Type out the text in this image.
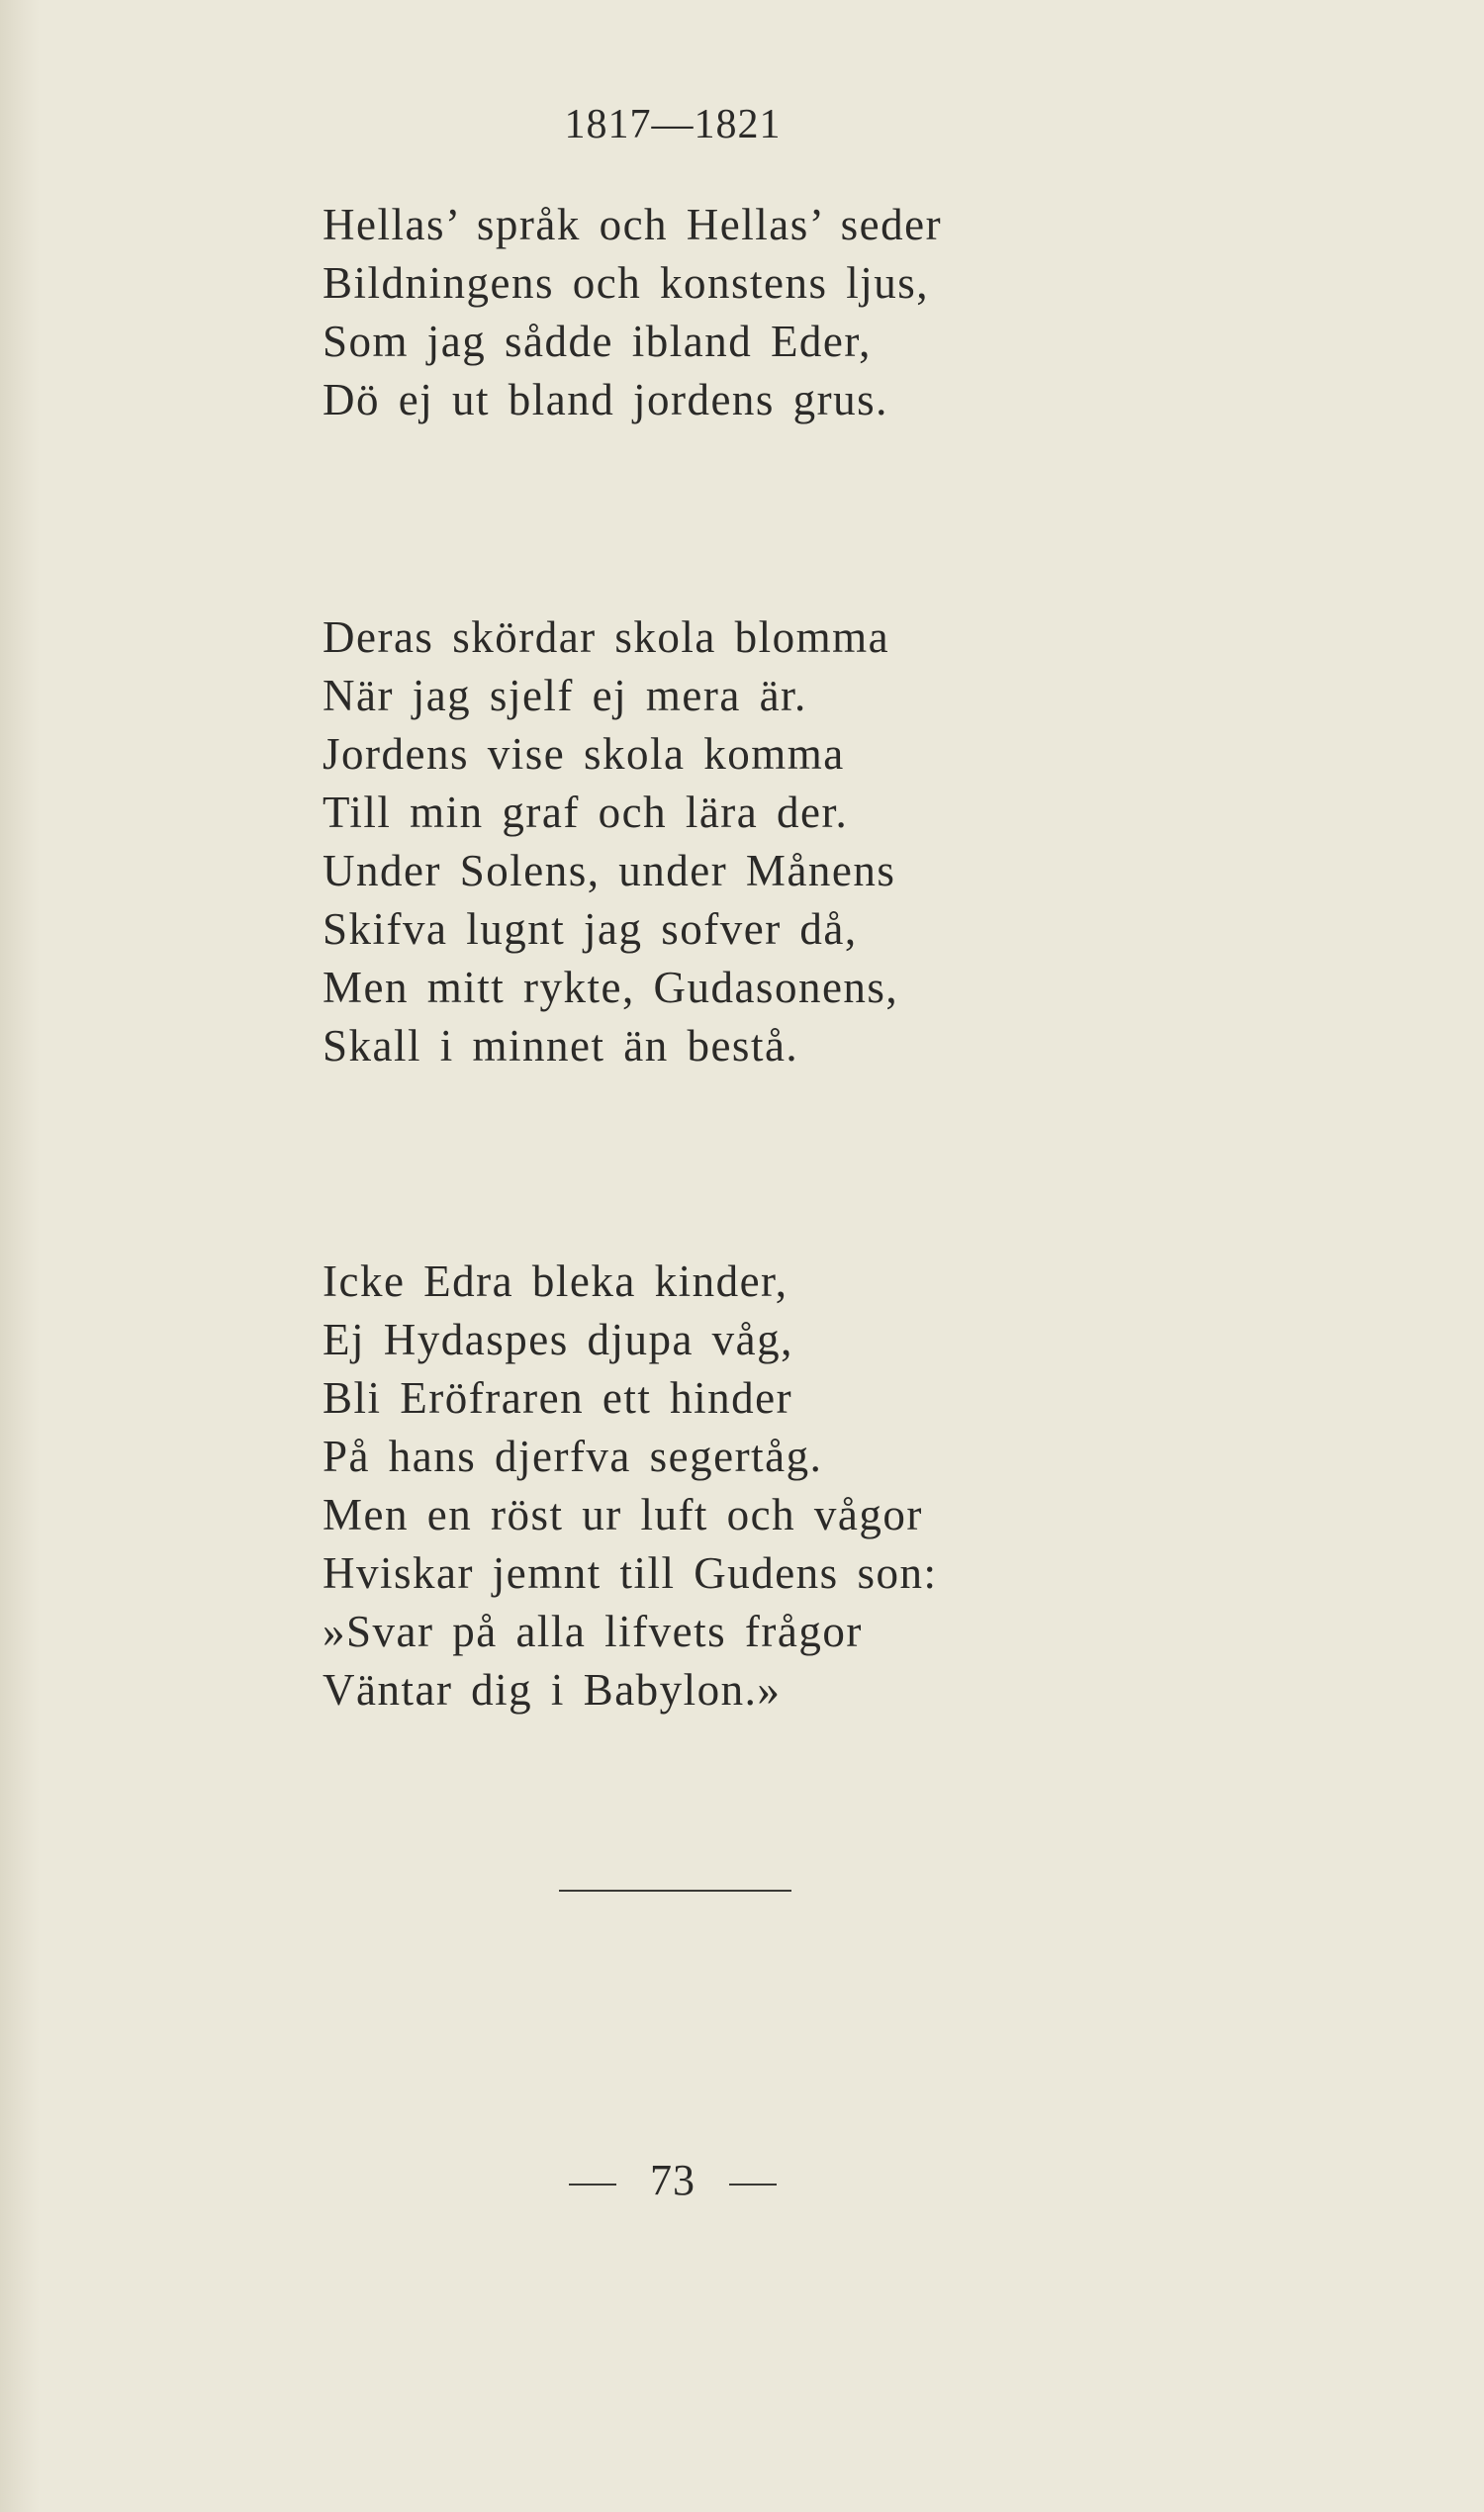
1817—1821
Hellas’ språk och Hellas’ seder
Bildningens och konstens ljus,
Som jag sådde ibland Eder,
Dö ej ut bland jordens grus.
Deras skördar skola blomma
När jag sjelf ej mera är.
Jordens vise skola komma
Till min graf och lära der.
Under Solens, under Månens
Skifva lugnt jag sofver då,
Men mitt rykte, Gudasonens,
Skall i minnet än bestå.
Icke Edra bleka kinder,
Ej Hydaspes djupa våg,
Bli Eröfraren ett hinder
På hans djerfva segertåg.
Men en röst ur luft och vågor
Hviskar jemnt till Gudens son:
»Svar på alla lifvets frågor
Väntar dig i Babylon.»
73
